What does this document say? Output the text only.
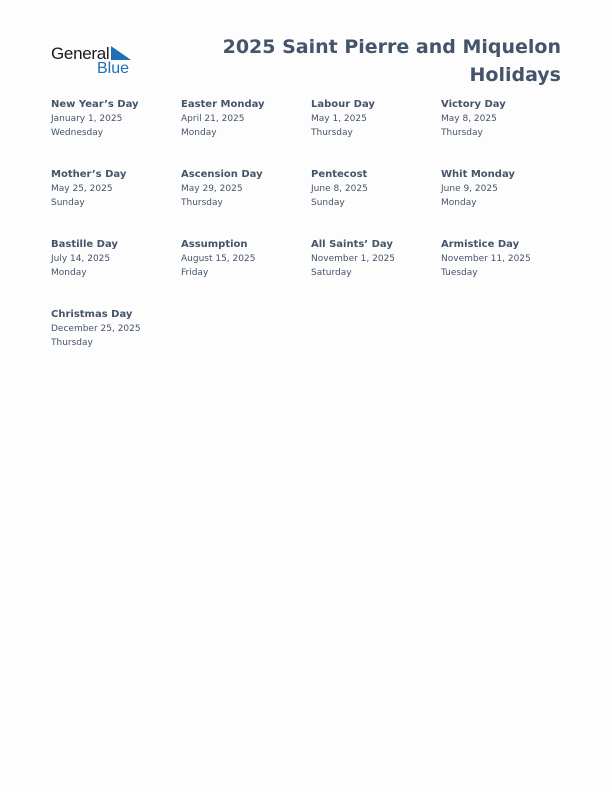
General
Blue
2025 Saint Pierre and Miquelon Holidays
New Year’s Day
January 1, 2025
Wednesday
Easter Monday
April 21, 2025
Monday
Labour Day
May 1, 2025
Thursday
Victory Day
May 8, 2025
Thursday
Mother’s Day
May 25, 2025
Sunday
Ascension Day
May 29, 2025
Thursday
Pentecost
June 8, 2025
Sunday
Whit Monday
June 9, 2025
Monday
Bastille Day
July 14, 2025
Monday
Assumption
August 15, 2025
Friday
All Saints’ Day
November 1, 2025
Saturday
Armistice Day
November 11, 2025
Tuesday
Christmas Day
December 25, 2025
Thursday
